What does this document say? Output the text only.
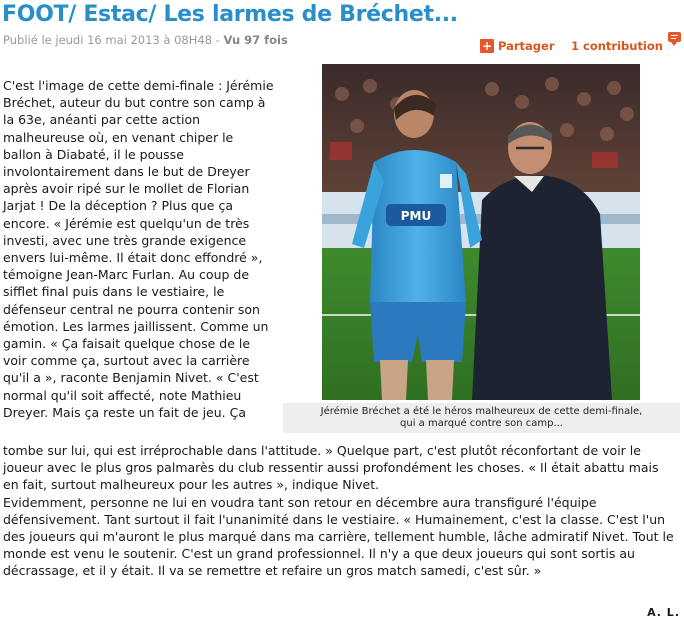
FOOT/ Estac/ Les larmes de Bréchet...
Publié le jeudi 16 mai 2013 à 08H48 - Vu 97 fois	+ Partager 1 contribution
PMU
Jérémie Bréchet a été le héros malheureux de cette demi-finale,
qui a marqué contre son camp...

C'est l'image de cette demi-finale : Jérémie

Bréchet, auteur du but contre son camp à

la 63e, anéanti par cette action

malheureuse où, en venant chiper le

ballon à Diabaté, il le pousse

involontairement dans le but de Dreyer

après avoir ripé sur le mollet de Florian

Jarjat ! De la déception ? Plus que ça

encore. « Jérémie est quelqu'un de très

investi, avec une très grande exigence

envers lui-même. Il était donc effondré »,

témoigne Jean-Marc Furlan. Au coup de

sifflet final puis dans le vestiaire, le

défenseur central ne pourra contenir son

émotion. Les larmes jaillissent. Comme un

gamin. « Ça faisait quelque chose de le

voir comme ça, surtout avec la carrière

qu'il a », raconte Benjamin Nivet. « C'est

normal qu'il soit affecté, note Mathieu

Dreyer. Mais ça reste un fait de jeu. Ça

tombe sur lui, qui est irréprochable dans l'attitude. » Quelque part, c'est plutôt réconfortant de voir le

joueur avec le plus gros palmarès du club ressentir aussi profondément les choses. « Il était abattu mais

en fait, surtout malheureux pour les autres », indique Nivet.

Evidemment, personne ne lui en voudra tant son retour en décembre aura transfiguré l'équipe

défensivement. Tant surtout il fait l'unanimité dans le vestiaire. « Humainement, c'est la classe. C'est l'un

des joueurs qui m'auront le plus marqué dans ma carrière, tellement humble, lâche admiratif Nivet. Tout le

monde est venu le soutenir. C'est un grand professionnel. Il n'y a que deux joueurs qui sont sortis au

décrassage, et il y était. Il va se remettre et refaire un gros match samedi, c'est sûr. »

A. L.
